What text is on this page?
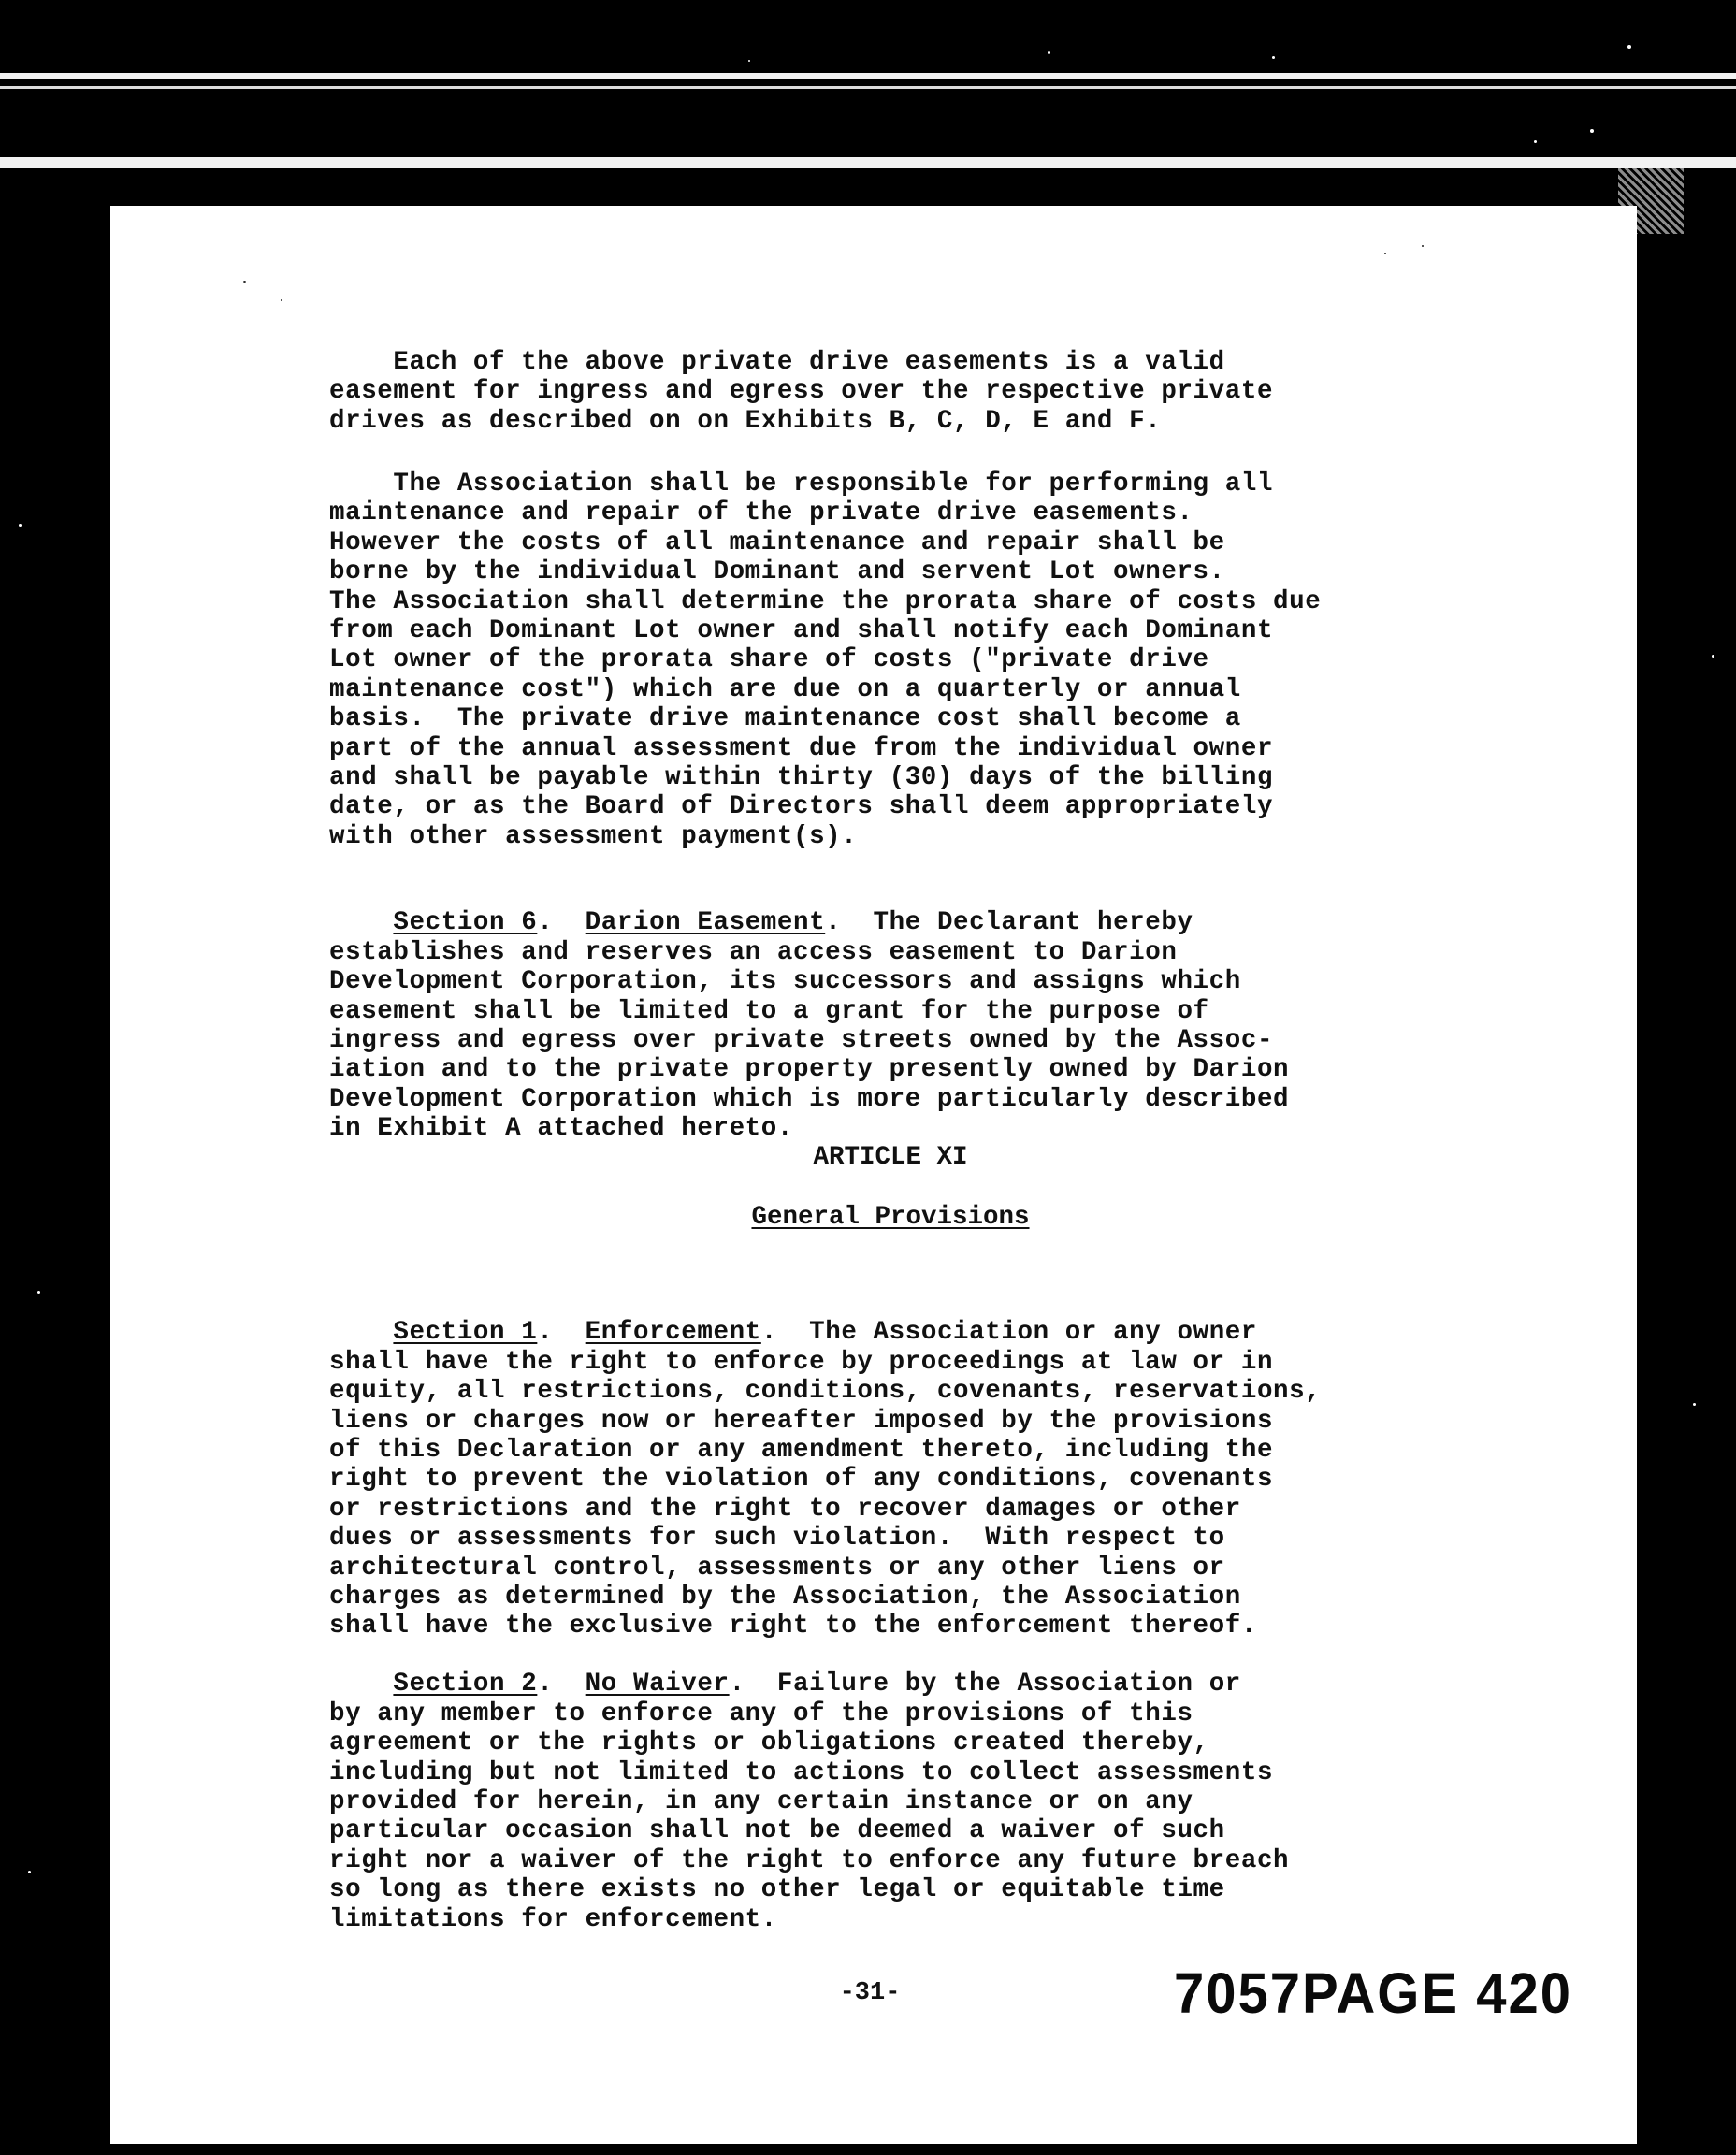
Each of the above private drive easements is a valid
easement for ingress and egress over the respective private
drives as described on on Exhibits B, C, D, E and F.
The Association shall be responsible for performing all
maintenance and repair of the private drive easements.
However the costs of all maintenance and repair shall be
borne by the individual Dominant and servent Lot owners.
The Association shall determine the prorata share of costs due
from each Dominant Lot owner and shall notify each Dominant
Lot owner of the prorata share of costs ("private drive
maintenance cost") which are due on a quarterly or annual
basis.  The private drive maintenance cost shall become a
part of the annual assessment due from the individual owner
and shall be payable within thirty (30) days of the billing
date, or as the Board of Directors shall deem appropriately
with other assessment payment(s).

Section 6.  Darion Easement.  The Declarant hereby
establishes and reserves an access easement to Darion
Development Corporation, its successors and assigns which
easement shall be limited to a grant for the purpose of
ingress and egress over private streets owned by the Assoc-
iation and to the private property presently owned by Darion
Development Corporation which is more particularly described
in Exhibit A attached hereto.
ARTICLE XI
General Provisions

Section 1.  Enforcement.  The Association or any owner
shall have the right to enforce by proceedings at law or in
equity, all restrictions, conditions, covenants, reservations,
liens or charges now or hereafter imposed by the provisions
of this Declaration or any amendment thereto, including the
right to prevent the violation of any conditions, covenants
or restrictions and the right to recover damages or other
dues or assessments for such violation.  With respect to
architectural control, assessments or any other liens or
charges as determined by the Association, the Association
shall have the exclusive right to the enforcement thereof.

Section 2.  No Waiver.  Failure by the Association or
by any member to enforce any of the provisions of this
agreement or the rights or obligations created thereby,
including but not limited to actions to collect assessments
provided for herein, in any certain instance or on any
particular occasion shall not be deemed a waiver of such
right nor a waiver of the right to enforce any future breach
so long as there exists no other legal or equitable time
limitations for enforcement.
-31-	7057PAGE 420
